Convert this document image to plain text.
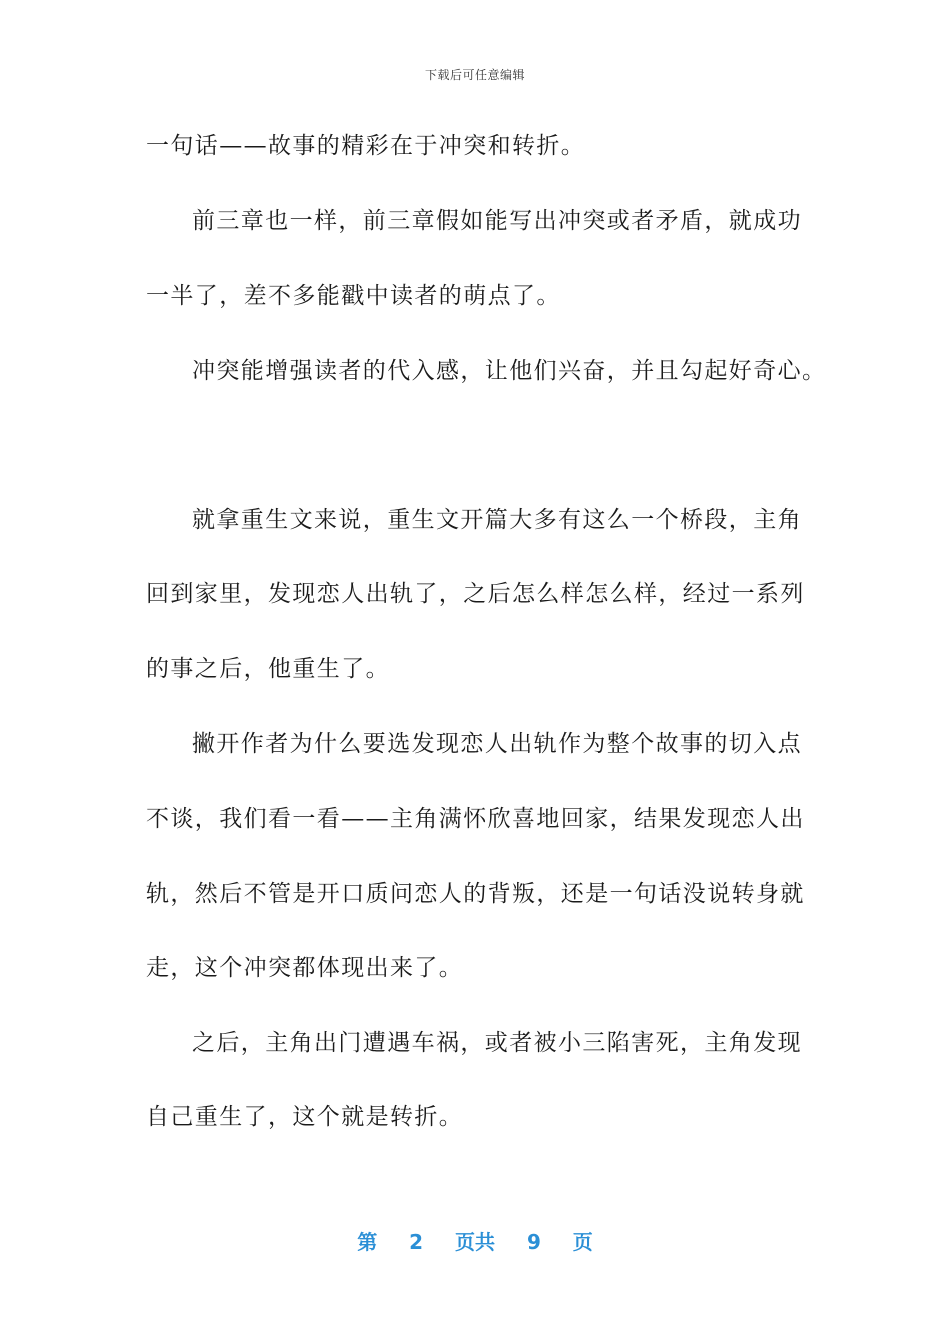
下载后可任意编辑
一句话——故事的精彩在于冲突和转折。
前三章也一样，前三章假如能写出冲突或者矛盾，就成功
一半了，差不多能戳中读者的萌点了。
冲突能增强读者的代入感，让他们兴奋，并且勾起好奇心。
就拿重生文来说，重生文开篇大多有这么一个桥段，主角
回到家里，发现恋人出轨了，之后怎么样怎么样，经过一系列
的事之后，他重生了。
撇开作者为什么要选发现恋人出轨作为整个故事的切入点
不谈，我们看一看——主角满怀欣喜地回家，结果发现恋人出
轨，然后不管是开口质问恋人的背叛，还是一句话没说转身就
走，这个冲突都体现出来了。
之后，主角出门遭遇车祸，或者被小三陷害死，主角发现
自己重生了，这个就是转折。
第 2 页共 9 页
